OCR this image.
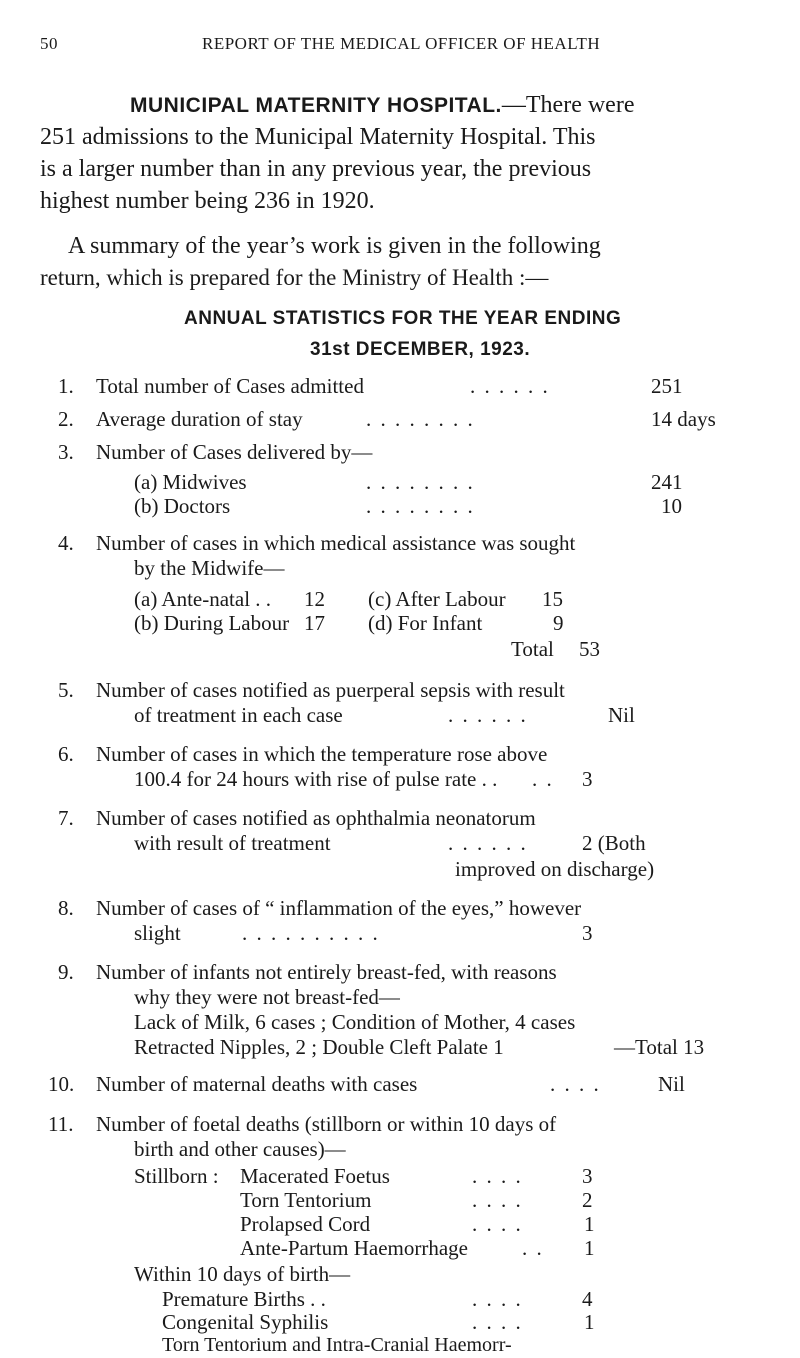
50	REPORT OF THE MEDICAL OFFICER OF HEALTH
MUNICIPAL MATERNITY HOSPITAL.—There were
251 admissions to the Municipal Maternity Hospital. This
is a larger number than in any previous year, the previous
highest number being 236 in 1920.
A summary of the year’s work is given in the following
return, which is prepared for the Ministry of Health :—
ANNUAL STATISTICS FOR THE YEAR ENDING
31st DECEMBER, 1923.
1. Total number of Cases admitted	. . . . . .	251
2. Average duration of stay	. . . . . . . .	14 days
3. Number of Cases delivered by—
(a) Midwives	. . . . . . . .	241
(b) Doctors	. . . . . . . .	10
4. Number of cases in which medical assistance was sought
by the Midwife—
(a) Ante-natal . . 12 (c) After Labour 15
(b) During Labour 17 (d) For Infant	9
Total 53
5. Number of cases notified as puerperal sepsis with result
of treatment in each case	. . . . . .	Nil
6. Number of cases in which the temperature rose above
100.4 for 24 hours with rise of pulse rate . . . . 3
7. Number of cases notified as ophthalmia neonatorum
with result of treatment	. . . . . .	2 (Both
improved on discharge)
8. Number of cases of “ inflammation of the eyes,” however
slight	. . . . . . . . . .	3
9. Number of infants not entirely breast-fed, with reasons
why they were not breast-fed—
Lack of Milk, 6 cases ; Condition of Mother, 4 cases
Retracted Nipples, 2 ; Double Cleft Palate 1	—Total 13
10. Number of maternal deaths with cases	. . . .	Nil
11. Number of foetal deaths (stillborn or within 10 days of
birth and other causes)—
Stillborn : Macerated Foetus	. . . .	3
Torn Tentorium	. . . .	2
Prolapsed Cord	. . . .	1
Ante-Partum Haemorrhage	. . 1
Within 10 days of birth—
Premature Births . .	. . . .	4
Congenital Syphilis	. . . .	1
Torn Tentorium and Intra-Cranial Haemorr-
